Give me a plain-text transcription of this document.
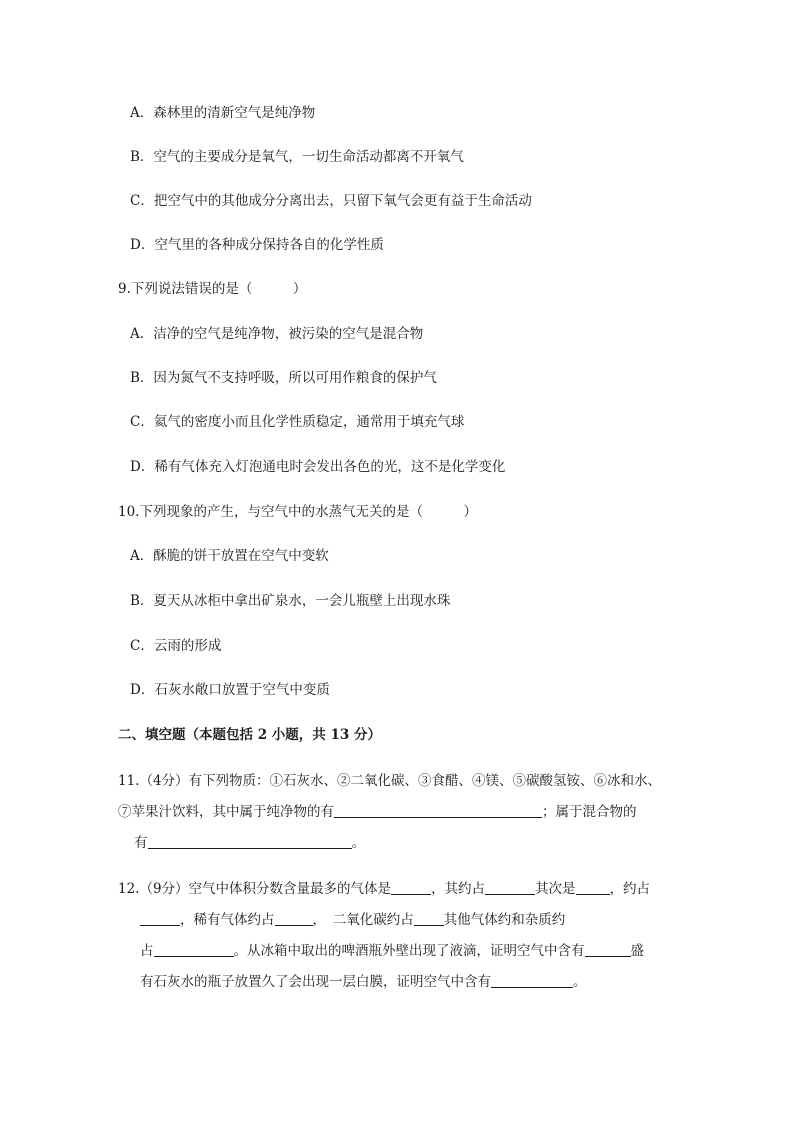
A．森林里的清新空气是纯净物
B．空气的主要成分是氧气，一切生命活动都离不开氧气
C．把空气中的其他成分分离出去，只留下氧气会更有益于生命活动
D．空气里的各种成分保持各自的化学性质
9.下列说法错误的是（　　　）
A．洁净的空气是纯净物，被污染的空气是混合物
B．因为氮气不支持呼吸，所以可用作粮食的保护气
C．氦气的密度小而且化学性质稳定，通常用于填充气球
D．稀有气体充入灯泡通电时会发出各色的光，这不是化学变化
10.下列现象的产生，与空气中的水蒸气无关的是（　　　）
A．酥脆的饼干放置在空气中变软
B．夏天从冰柜中拿出矿泉水，一会儿瓶壁上出现水珠
C．云雨的形成
D．石灰水敞口放置于空气中变质
二、填空题（本题包括 2 小题，共 13 分）
11.（4分）有下列物质：①石灰水、②二氧化碳、③食醋、④镁、⑤碳酸氢铵、⑥冰和水、
⑦苹果汁饮料，其中属于纯净物的有	；属于混合物的
有	。
12.（9分）空气中体积分数含量最多的气体是	，其约占	其次是	，约占
，稀有气体约占	，　二氧化碳约占 其他气体约和杂质约
占	。从冰箱中取出的啤酒瓶外壁出现了液滴，证明空气中含有	盛
有石灰水的瓶子放置久了会出现一层白膜，证明空气中含有	。
